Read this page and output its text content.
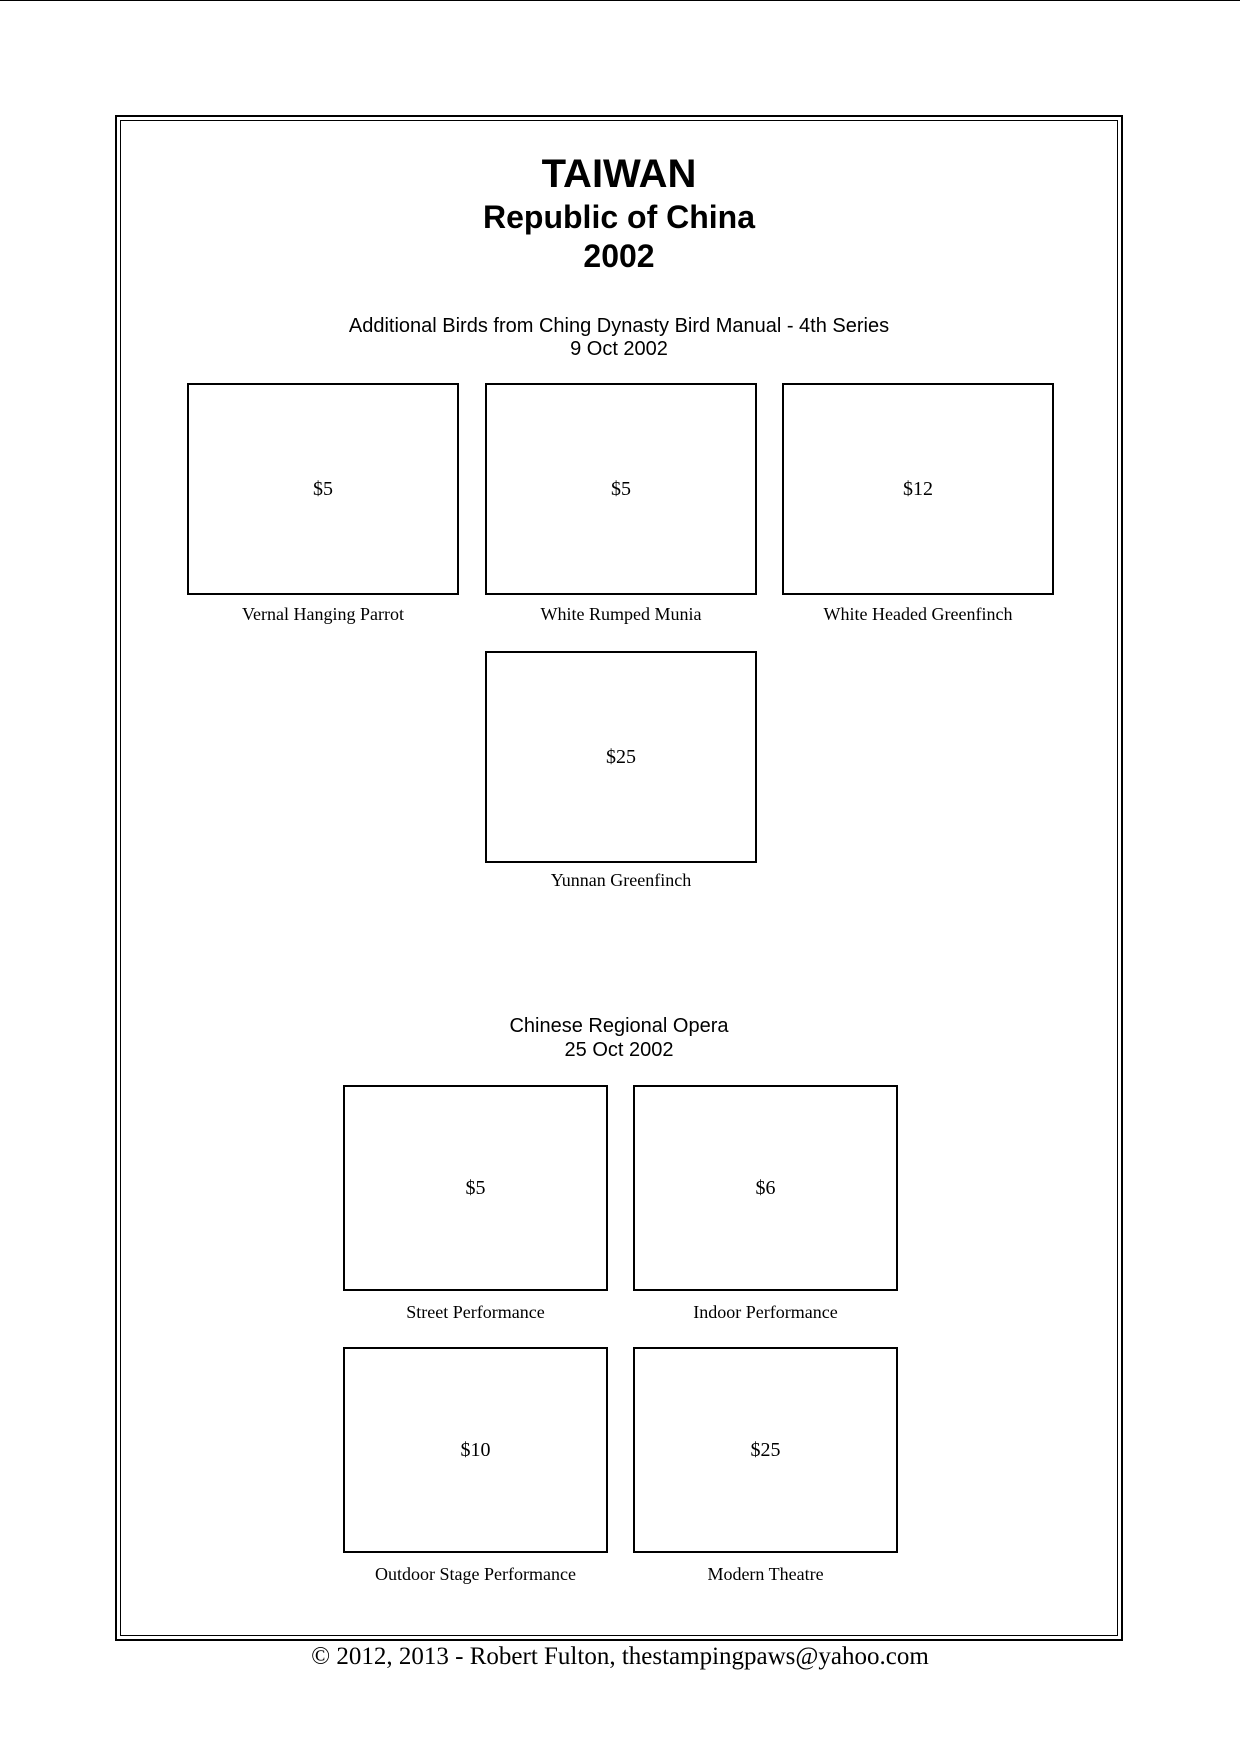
TAIWAN
Republic of China
2002
Additional Birds from Ching Dynasty Bird Manual - 4th Series
9 Oct 2002
$5
Vernal Hanging Parrot
$5
White Rumped Munia
$12
White Headed Greenfinch
$25
Yunnan Greenfinch
Chinese Regional Opera
25 Oct 2002
$5
Street Performance
$6
Indoor Performance
$10
Outdoor Stage Performance
$25
Modern Theatre
© 2012, 2013 - Robert Fulton, thestampingpaws@yahoo.com
